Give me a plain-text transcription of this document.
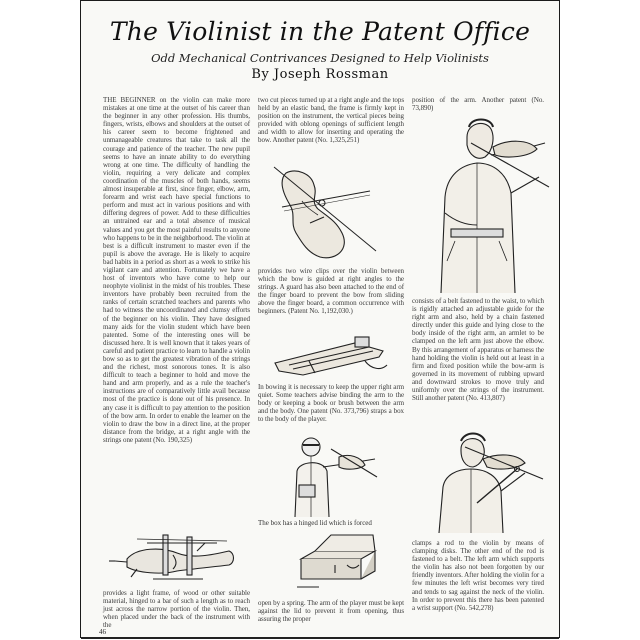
The Violinist in the Patent Office
Odd Mechanical Contrivances Designed to Help Violinists
By Joseph Rossman
THE BEGINNER on the violin can make more mistakes at one time at the outset of his career than the beginner in any other profession. His thumbs, fingers, wrists, elbows and shoulders at the outset of his career seem to become frightened and unmanageable creatures that take to task all the courage and patience of the teacher. The new pupil seems to have an innate ability to do everything wrong at one time. The difficulty of handling the violin, requiring a very delicate and complex coordination of the muscles of both hands, seems almost insuperable at first, since finger, elbow, arm, forearm and wrist each have special functions to perform and must act in various positions and with differing degrees of power. Add to these difficulties an untrained ear and a total absence of musical values and you get the most painful results to anyone who happens to be in the neighborhood. The violin at best is a difficult instrument to master even if the pupil is above the average. He is likely to acquire bad habits in a period as short as a week to strike his vigilant care and attention. Fortunately we have a host of inventors who have come to help our neophyte violinist in the midst of his troubles. These inventors have probably been recruited from the ranks of certain scratched teachers and parents who had to witness the uncoordinated and clumsy efforts of the beginner on his violin. They have designed many aids for the violin student which have been patented. Some of the interesting ones will be discussed here. It is well known that it takes years of careful and patient practice to learn to handle a violin bow so as to get the greatest vibration of the strings and the richest, most sonorous tones. It is also difficult to teach a beginner to hold and move the hand and arm properly, and as a rule the teacher's instructions are of comparatively little avail because most of the practice is done out of his presence. In any case it is difficult to pay attention to the position of the bow arm. In order to enable the learner on the violin to draw the bow in a direct line, at the proper distance from the bridge, at a right angle with the strings one patent (No. 190,325)
provides a light frame, of wood or other suitable material, hinged to a bar of such a length as to reach just across the narrow portion of the violin. Then, when placed under the back of the instrument with the
two cut pieces turned up at a right angle and the tops held by an elastic band, the frame is firmly kept in position on the instrument, the vertical pieces being provided with oblong openings of sufficient length and width to allow for inserting and operating the bow. Another patent (No. 1,325,251)
provides two wire clips over the violin between which the bow is guided at right angles to the strings. A guard has also been attached to the end of the finger board to prevent the bow from sliding above the finger board, a common occurrence with beginners. (Patent No. 1,192,030.)
In bowing it is necessary to keep the upper right arm quiet. Some teachers advise binding the arm to the body or keeping a book or brush between the arm and the body. One patent (No. 373,796) straps a box to the body of the player.
The box has a hinged lid which is forced
open by a spring. The arm of the player must be kept against the lid to prevent it from opening, thus assuring the proper
position of the arm. Another patent (No. 73,890)
consists of a belt fastened to the waist, to which is rigidly attached an adjustable guide for the right arm and also, held by a chain fastened directly under this guide and lying close to the body inside of the right arm, an armlet to be clamped on the left arm just above the elbow. By this arrangement of apparatus or harness the hand holding the violin is held out at least in a firm and fixed position while the bow-arm is governed in its movement of rubbing upward and downward strokes to move truly and uniformly over the strings of the instrument. Still another patent (No. 413,807)
clamps a rod to the violin by means of clamping disks. The other end of the rod is fastened to a belt. The left arm which supports the violin has also not been forgotten by our friendly inventors. After holding the violin for a few minutes the left wrist becomes very tired and tends to sag against the neck of the violin. In order to prevent this there has been patented a wrist support (No. 542,278)
46
